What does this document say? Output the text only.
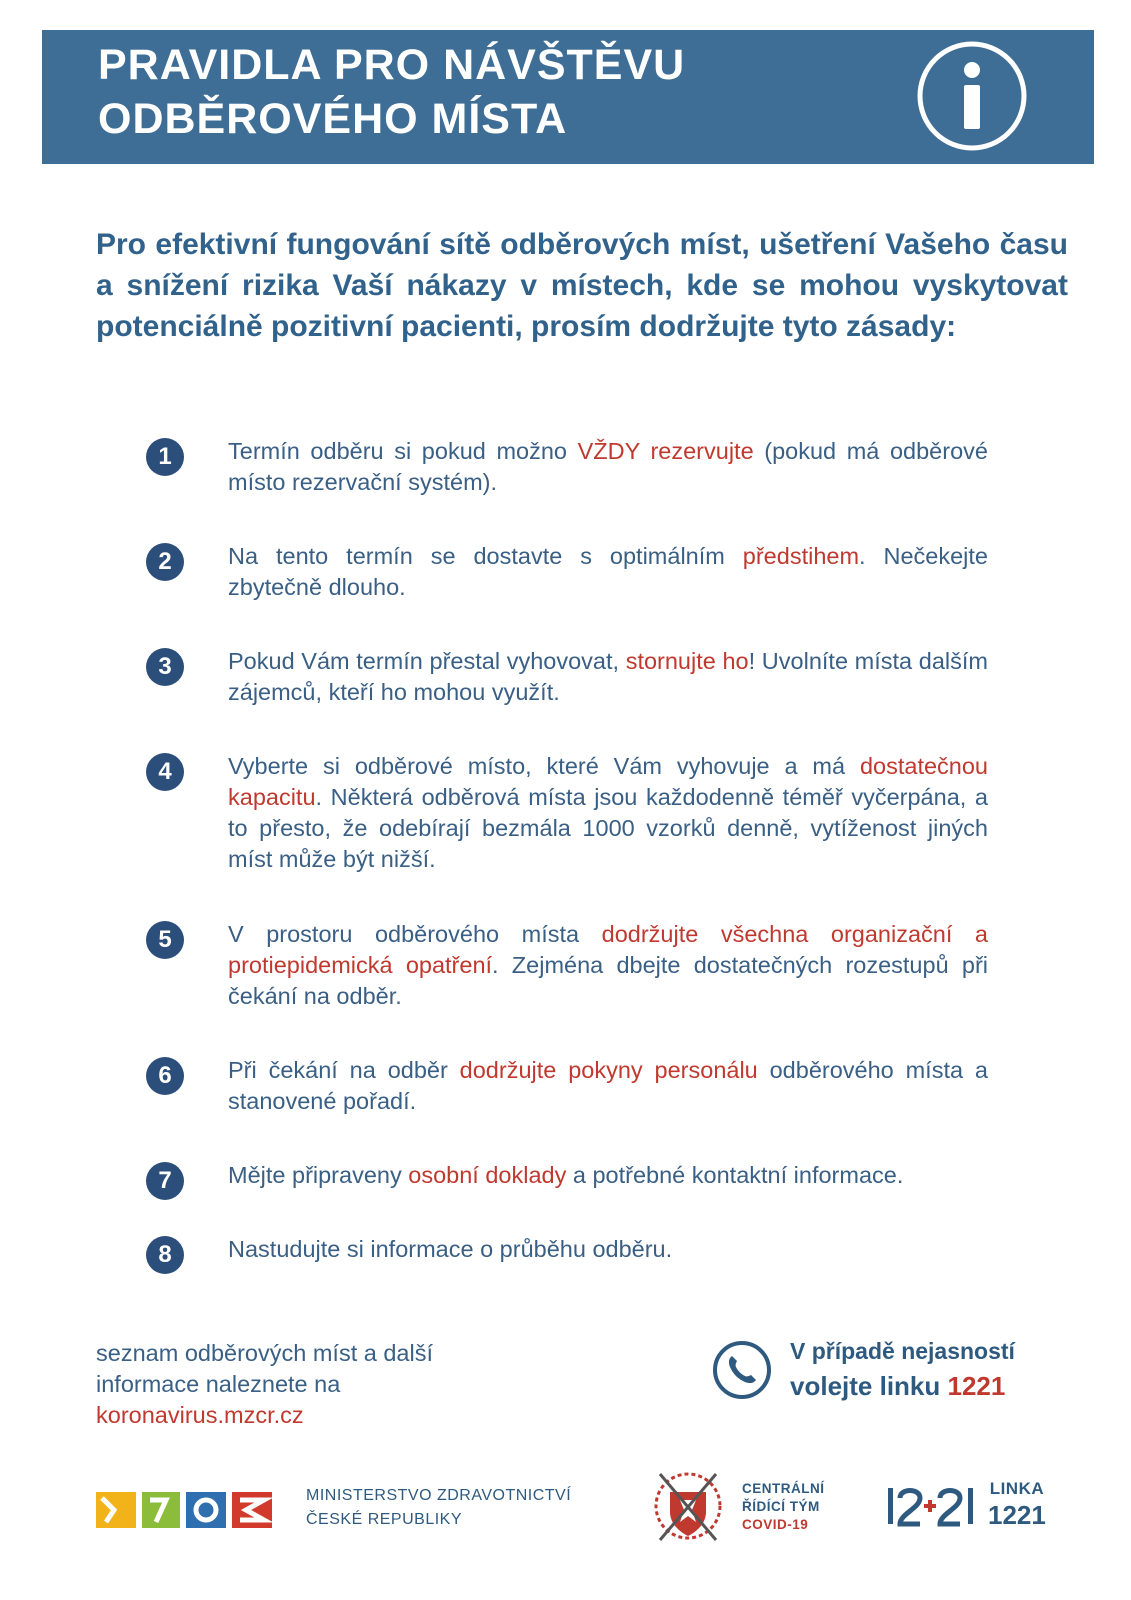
PRAVIDLA PRO NÁVŠTĚVU
ODBĚROVÉHO MÍSTA
Pro efektivní fungování sítě odběrových míst, ušetření Vašeho času a snížení rizika Vaší nákazy v místech, kde se mohou vyskytovat potenciálně pozitivní pacienti, prosím dodržujte tyto zásady:
1	Termín odběru si pokud možno VŽDY rezervujte (pokud má odběrové místo rezervační systém).
2	Na tento termín se dostavte s optimálním předstihem. Nečekejte zbytečně dlouho.
3	Pokud Vám termín přestal vyhovovat, stornujte ho! Uvolníte místa dalším zájemců, kteří ho mohou využít.
4	Vyberte si odběrové místo, které Vám vyhovuje a má dostatečnou kapacitu. Některá odběrová místa jsou každodenně téměř vyčerpána, a to přesto, že odebírají bezmála 1000 vzorků denně, vytíženost jiných míst může být nižší.
5	V prostoru odběrového místa dodržujte všechna organizační a protiepidemická opatření. Zejména dbejte dostatečných rozestupů při čekání na odběr.
6	Při čekání na odběr dodržujte pokyny personálu odběrového místa a stanovené pořadí.
7	Mějte připraveny osobní doklady a potřebné kontaktní informace.
8	Nastudujte si informace o průběhu odběru.
seznam odběrových míst a další
informace naleznete na
koronavirus.mzcr.cz
V případě nejasností
volejte linku 1221
MINISTERSTVO ZDRAVOTNICTVÍ
ČESKÉ REPUBLIKY
CENTRÁLNÍ
ŘÍDÍCÍ TÝM
COVID-19
LINKA
1221
